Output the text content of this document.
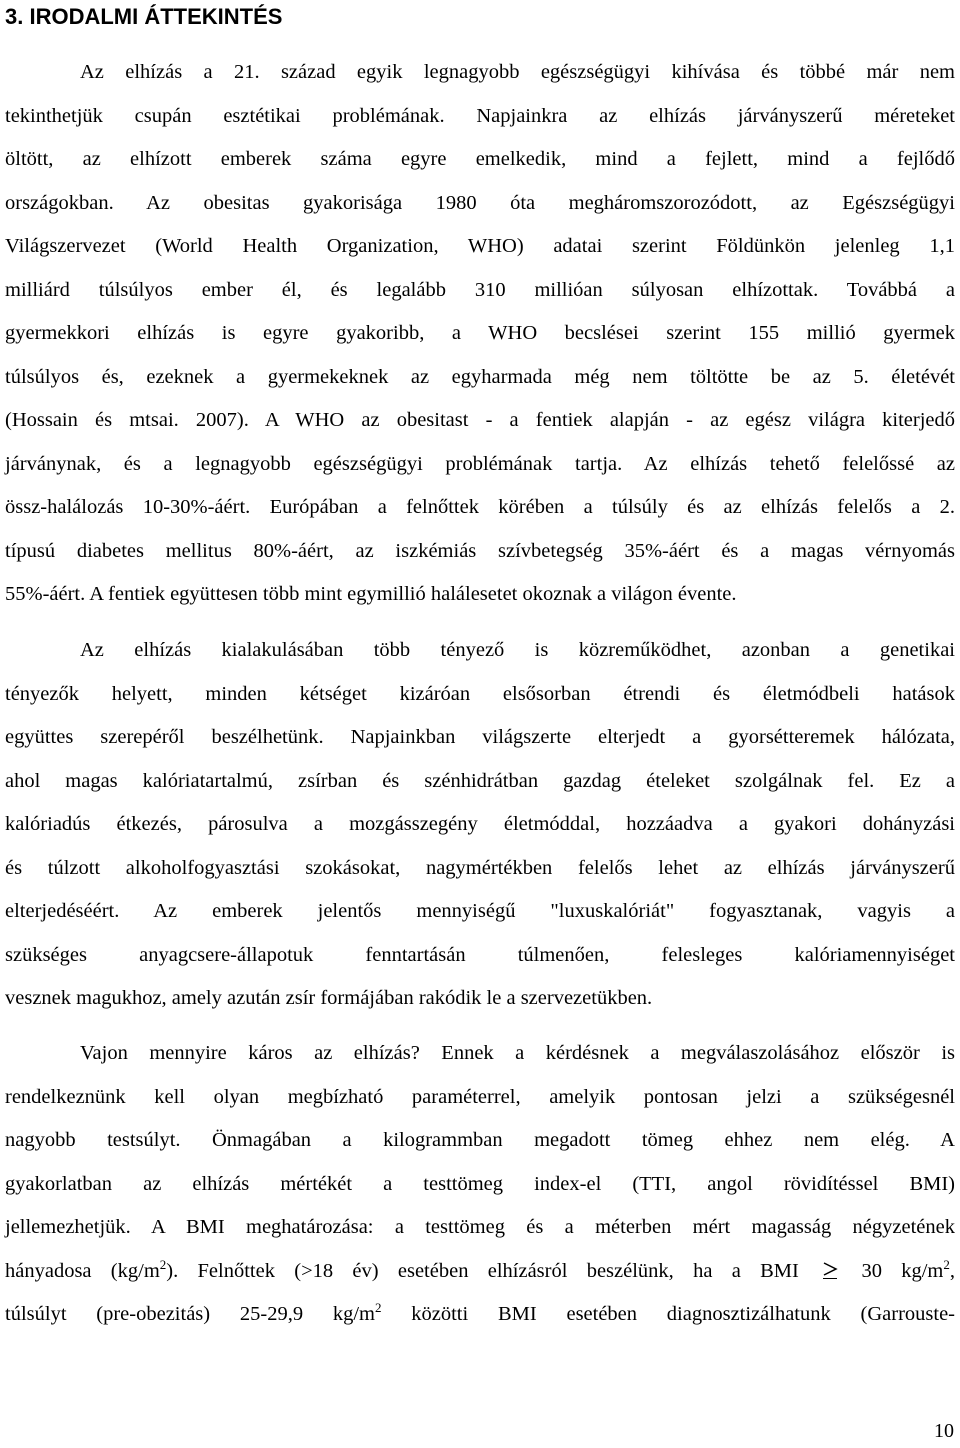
3. IRODALMI ÁTTEKINTÉS
Az elhízás a 21. század egyik legnagyobb egészségügyi kihívása és többé már nem
tekinthetjük csupán esztétikai problémának. Napjainkra az elhízás járványszerű méreteket
öltött, az elhízott emberek száma egyre emelkedik, mind a fejlett, mind a fejlődő
országokban. Az obesitas gyakorisága 1980 óta megháromszorozódott, az Egészségügyi
Világszervezet (World Health Organization, WHO) adatai szerint Földünkön jelenleg 1,1
milliárd túlsúlyos ember él, és legalább 310 millióan súlyosan elhízottak. Továbbá a
gyermekkori elhízás is egyre gyakoribb, a WHO becslései szerint 155 millió gyermek
túlsúlyos és, ezeknek a gyermekeknek az egyharmada még nem töltötte be az 5. életévét
(Hossain és mtsai. 2007). A WHO az obesitast - a fentiek alapján - az egész világra kiterjedő
járványnak, és a legnagyobb egészségügyi problémának tartja. Az elhízás tehető felelőssé az
össz-halálozás 10-30%-áért. Európában a felnőttek körében a túlsúly és az elhízás felelős a 2.
típusú diabetes mellitus 80%-áért, az iszkémiás szívbetegség 35%-áért és a magas vérnyomás
55%-áért. A fentiek együttesen több mint egymillió halálesetet okoznak a világon évente.
Az elhízás kialakulásában több tényező is közreműködhet, azonban a genetikai
tényezők helyett, minden kétséget kizáróan elsősorban étrendi és életmódbeli hatások
együttes szerepéről beszélhetünk. Napjainkban világszerte elterjedt a gyorsétteremek hálózata,
ahol magas kalóriatartalmú, zsírban és szénhidrátban gazdag ételeket szolgálnak fel. Ez a
kalóriadús étkezés, párosulva a mozgásszegény életmóddal, hozzáadva a gyakori dohányzási
és túlzott alkoholfogyasztási szokásokat, nagymértékben felelős lehet az elhízás járványszerű
elterjedéséért. Az emberek jelentős mennyiségű "luxuskalóriát" fogyasztanak, vagyis a
szükséges anyagcsere-állapotuk fenntartásán túlmenően, felesleges kalóriamennyiséget
vesznek magukhoz, amely azután zsír formájában rakódik le a szervezetükben.
Vajon mennyire káros az elhízás? Ennek a kérdésnek a megválaszolásához először is
rendelkeznünk kell olyan megbízható paraméterrel, amelyik pontosan jelzi a szükségesnél
nagyobb testsúlyt. Önmagában a kilogrammban megadott tömeg ehhez nem elég. A
gyakorlatban az elhízás mértékét a testtömeg index-el (TTI, angol rövidítéssel BMI)
jellemezhetjük. A BMI meghatározása: a testtömeg és a méterben mért magasság négyzetének
hányadosa $(kg/m^2)$. Felnőttek (>18 év) esetében elhízásról beszélünk, ha a BMI	30 $kg/m^2$,
túlsúlyt (pre-obezitás) 25-29,9 $kg/m^2$ közötti BMI esetében diagnosztizálhatunk (Garrouste-
10
